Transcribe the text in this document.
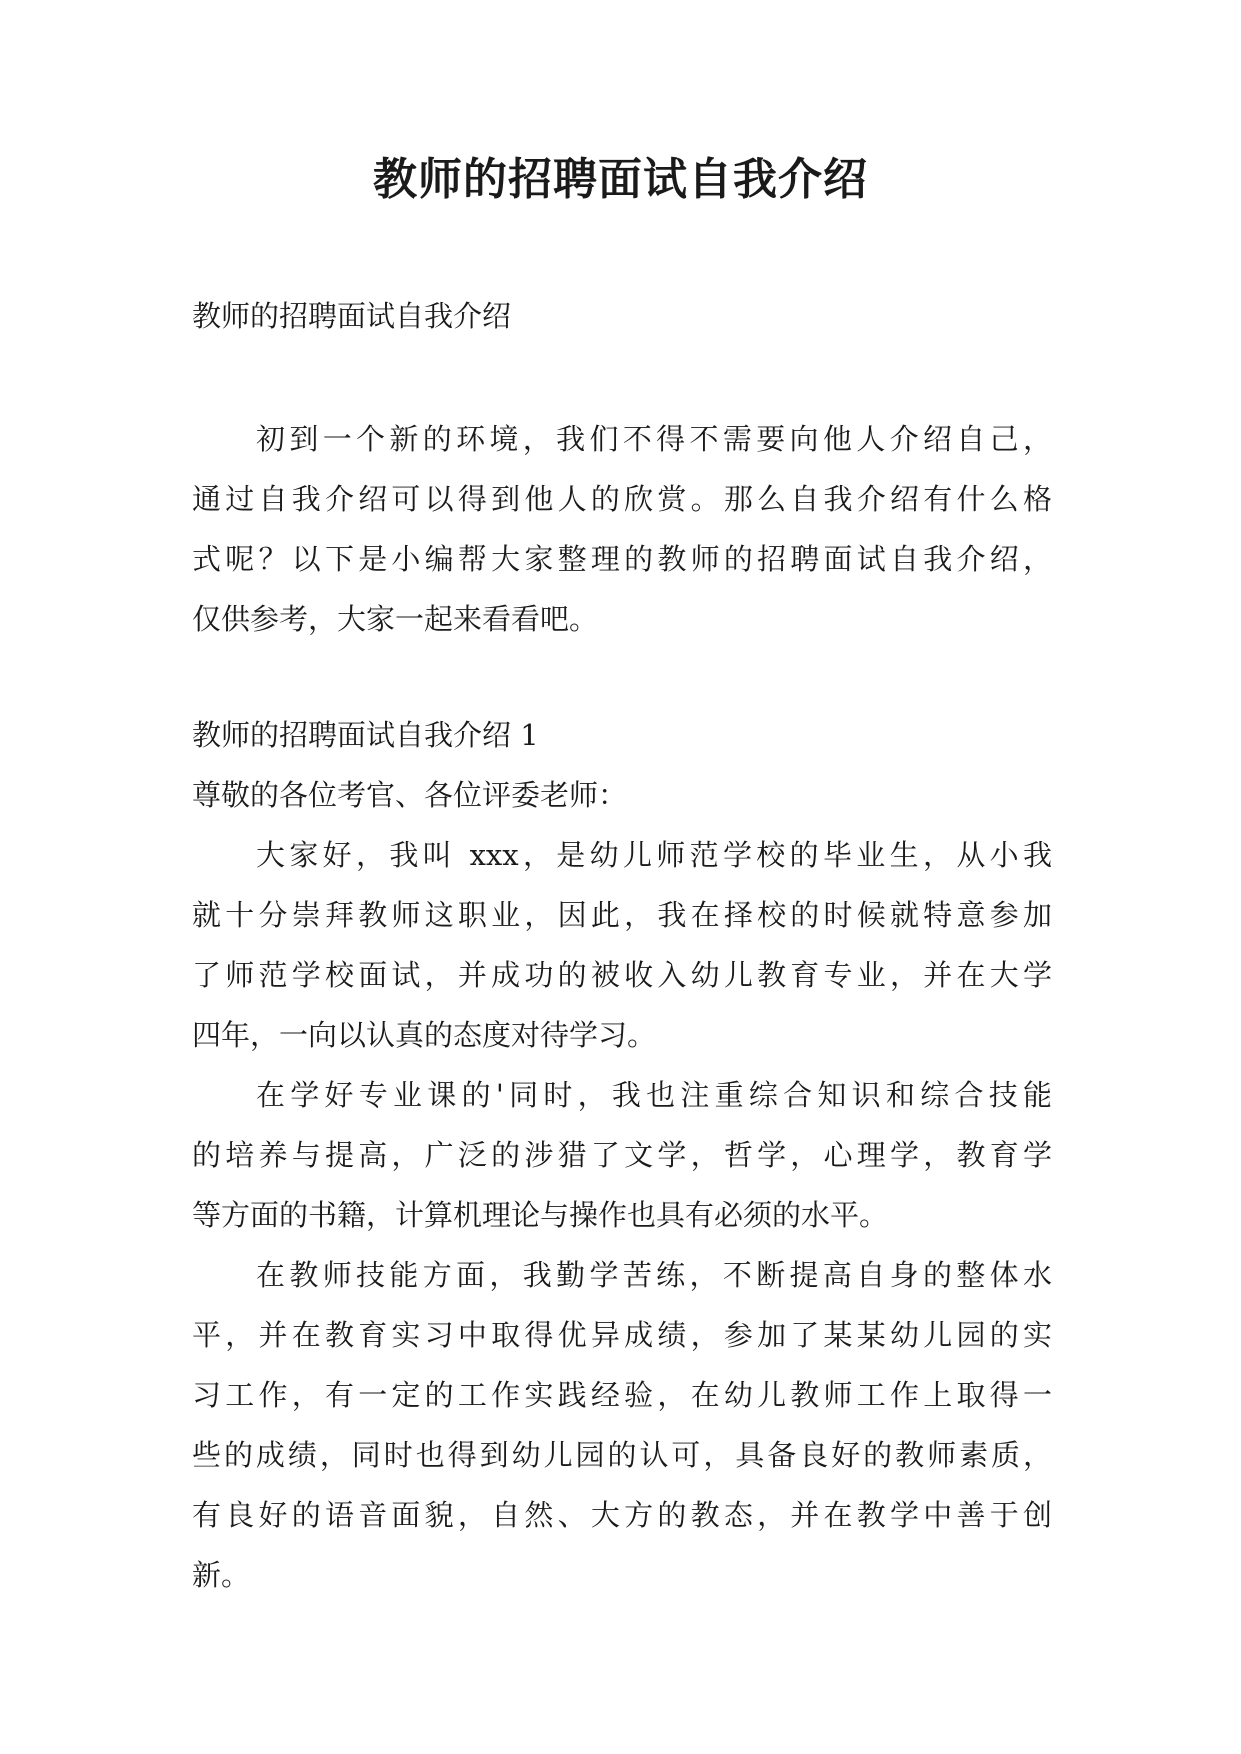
教师的招聘面试自我介绍

教师的招聘面试自我介绍

初到一个新的环境，我们不得不需要向他人介绍自己，
通过自我介绍可以得到他人的欣赏。那么自我介绍有什么格
式呢？以下是小编帮大家整理的教师的招聘面试自我介绍，
仅供参考，大家一起来看看吧。

教师的招聘面试自我介绍 1

尊敬的各位考官、各位评委老师：

大家好，我叫 xxx，是幼儿师范学校的毕业生，从小我
就十分崇拜教师这职业，因此，我在择校的时候就特意参加
了师范学校面试，并成功的被收入幼儿教育专业，并在大学
四年，一向以认真的态度对待学习。
在学好专业课的'同时，我也注重综合知识和综合技能
的培养与提高，广泛的涉猎了文学，哲学，心理学，教育学
等方面的书籍，计算机理论与操作也具有必须的水平。
在教师技能方面，我勤学苦练，不断提高自身的整体水
平，并在教育实习中取得优异成绩，参加了某某幼儿园的实
习工作，有一定的工作实践经验，在幼儿教师工作上取得一
些的成绩，同时也得到幼儿园的认可，具备良好的教师素质，
有良好的语音面貌，自然、大方的教态，并在教学中善于创
新。
